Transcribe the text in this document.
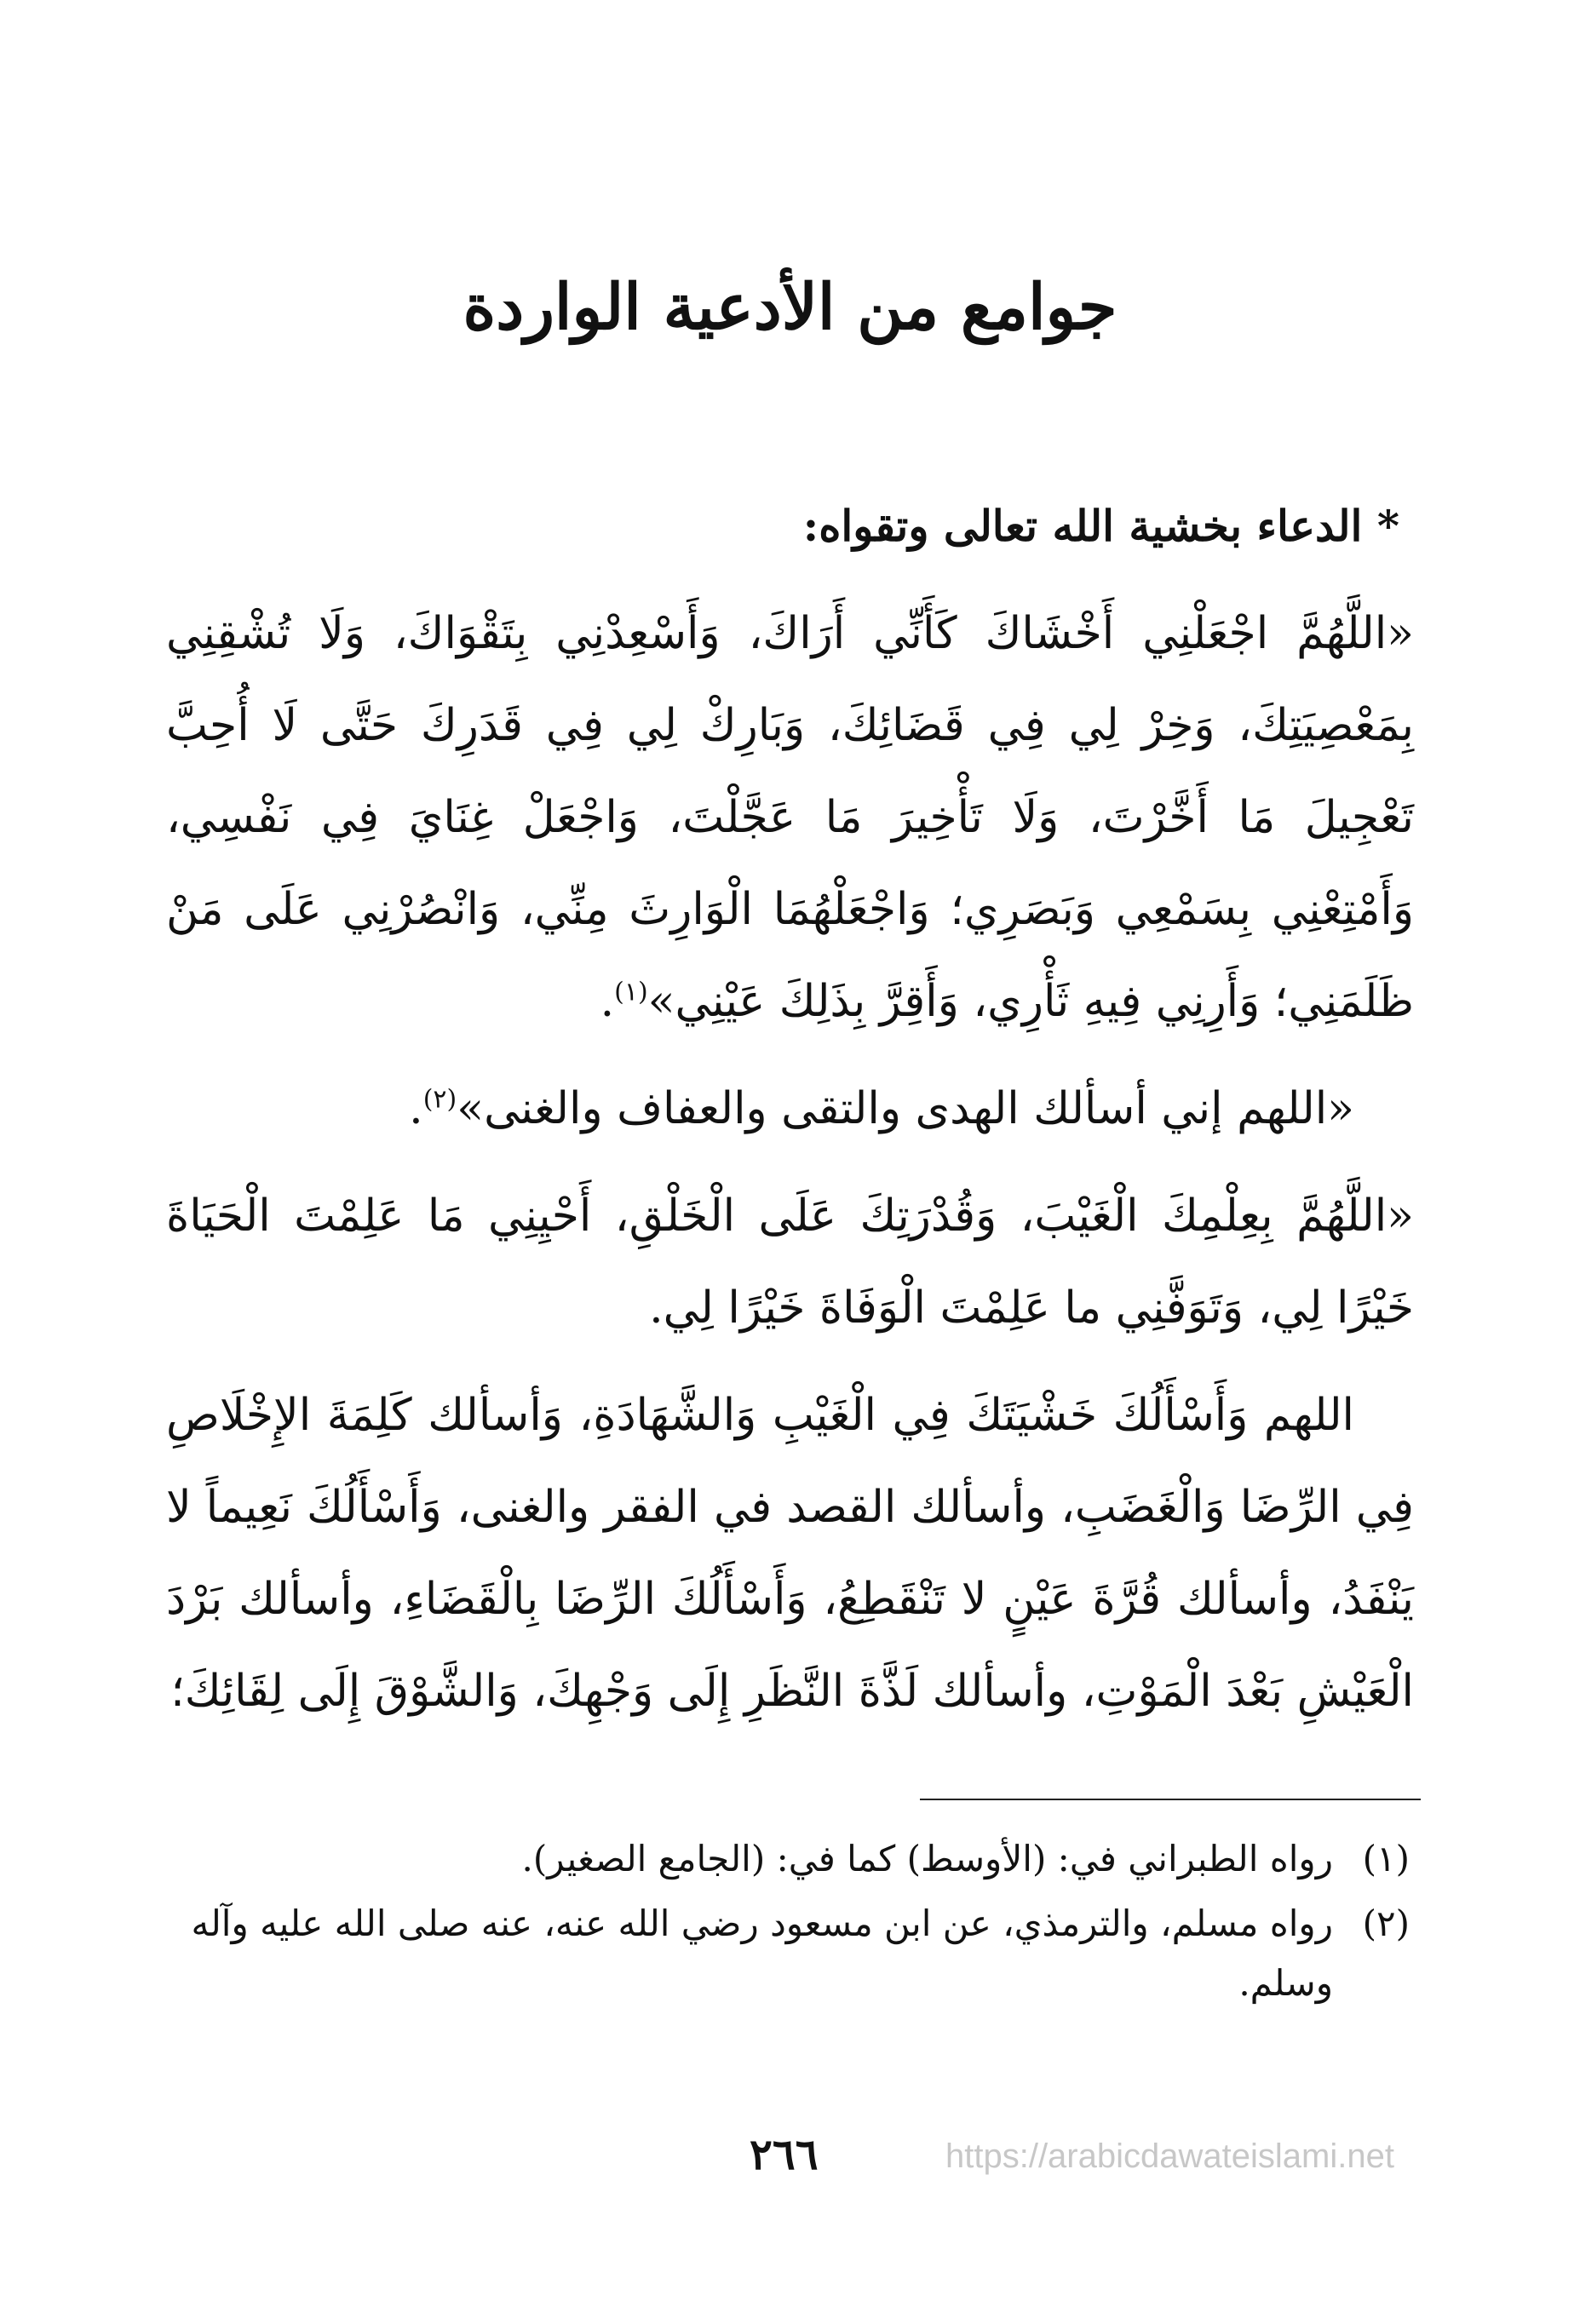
جوامع من الأدعية الواردة
* الدعاء بخشية الله تعالى وتقواه:

«اللَّهُمَّ اجْعَلْنِي أَخْشَاكَ كَأَنِّي أَرَاكَ، وَأَسْعِدْنِي بِتَقْوَاكَ، وَلَا تُشْقِنِي بِمَعْصِيَتِكَ، وَخِرْ لِي فِي قَضَائِكَ، وَبَارِكْ لِي فِي قَدَرِكَ حَتَّى لَا أُحِبَّ تَعْجِيلَ مَا أَخَّرْتَ، وَلَا تَأْخِيرَ مَا عَجَّلْتَ، وَاجْعَلْ غِنَايَ فِي نَفْسِي، وَأَمْتِعْنِي بِسَمْعِي وَبَصَرِي؛ وَاجْعَلْهُمَا الْوَارِثَ مِنِّي، وَانْصُرْنِي عَلَى مَنْ ظَلَمَنِي؛ وَأَرِنِي فِيهِ ثَأْرِي، وَأَقِرَّ بِذَلِكَ عَيْنِي»$^{(١)}$.

«اللهم إني أسألك الهدى والتقى والعفاف والغنى»$^{(٢)}$.

«اللَّهُمَّ بِعِلْمِكَ الْغَيْبَ، وَقُدْرَتِكَ عَلَى الْخَلْقِ، أَحْيِنِي مَا عَلِمْتَ الْحَيَاةَ خَيْرًا لِي، وَتَوَفَّنِي ما عَلِمْتَ الْوَفَاةَ خَيْرًا لِي.

اللهم وَأَسْأَلُكَ خَشْيَتَكَ فِي الْغَيْبِ وَالشَّهَادَةِ، وَأسألك كَلِمَةَ الإِخْلَاصِ فِي الرِّضَا وَالْغَضَبِ، وأسألك القصد في الفقر والغنى، وَأَسْأَلُكَ نَعِيماً لا يَنْفَدُ، وأسألك قُرَّةَ عَيْنٍ لا تَنْقَطِعُ، وَأَسْأَلُكَ الرِّضَا بِالْقَضَاءِ، وأسألك بَرْدَ الْعَيْشِ بَعْدَ الْمَوْتِ، وأسألك لَذَّةَ النَّظَرِ إِلَى وَجْهِكَ، وَالشَّوْقَ إِلَى لِقَائِكَ؛

(١)
رواه الطبراني في: (الأوسط) كما في: (الجامع الصغير).

(٢)
رواه مسلم، والترمذي، عن ابن مسعود رضي الله عنه، عنه صلى الله عليه وآله وسلم.

٢٦٦	https://arabicdawateislami.net
